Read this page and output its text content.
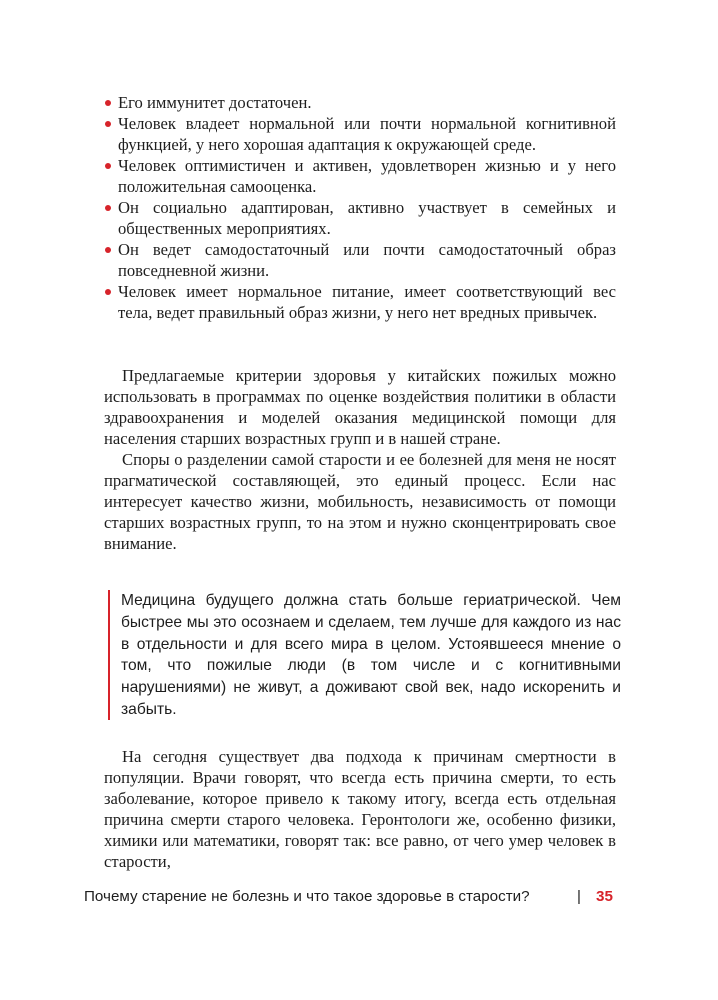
Его иммунитет достаточен.
Человек владеет нормальной или почти нормальной когнитивной функцией, у него хорошая адаптация к окружающей среде.
Человек оптимистичен и активен, удовлетворен жизнью и у него положительная самооценка.
Он социально адаптирован, активно участвует в семейных и общественных мероприятиях.
Он ведет самодостаточный или почти самодостаточный образ повседневной жизни.
Человек имеет нормальное питание, имеет соответствующий вес тела, ведет правильный образ жизни, у него нет вредных привычек.

Предлагаемые критерии здоровья у китайских пожилых можно использовать в программах по оценке воздействия политики в области здравоохранения и моделей оказания медицинской помощи для населения старших возрастных групп и в нашей стране.

Споры о разделении самой старости и ее болезней для меня не носят прагматической составляющей, это единый процесс. Если нас интересует качество жизни, мобильность, независимость от помощи старших возрастных групп, то на этом и нужно сконцентрировать свое внимание.

Медицина будущего должна стать больше гериатрической. Чем быстрее мы это осознаем и сделаем, тем лучше для каждого из нас в отдельности и для всего мира в целом. Устоявшееся мнение о том, что пожилые люди (в том числе и с когнитивными нарушениями) не живут, а доживают свой век, надо искоренить и забыть.

На сегодня существует два подхода к причинам смертности в популяции. Врачи говорят, что всегда есть причина смерти, то есть заболевание, которое привело к такому итогу, всегда есть отдельная причина смерти старого человека. Геронтологи же, особенно физики, химики или математики, говорят так: все равно, от чего умер человек в старости,

Почему старение не болезнь и что такое здоровье в старости?	| 35
